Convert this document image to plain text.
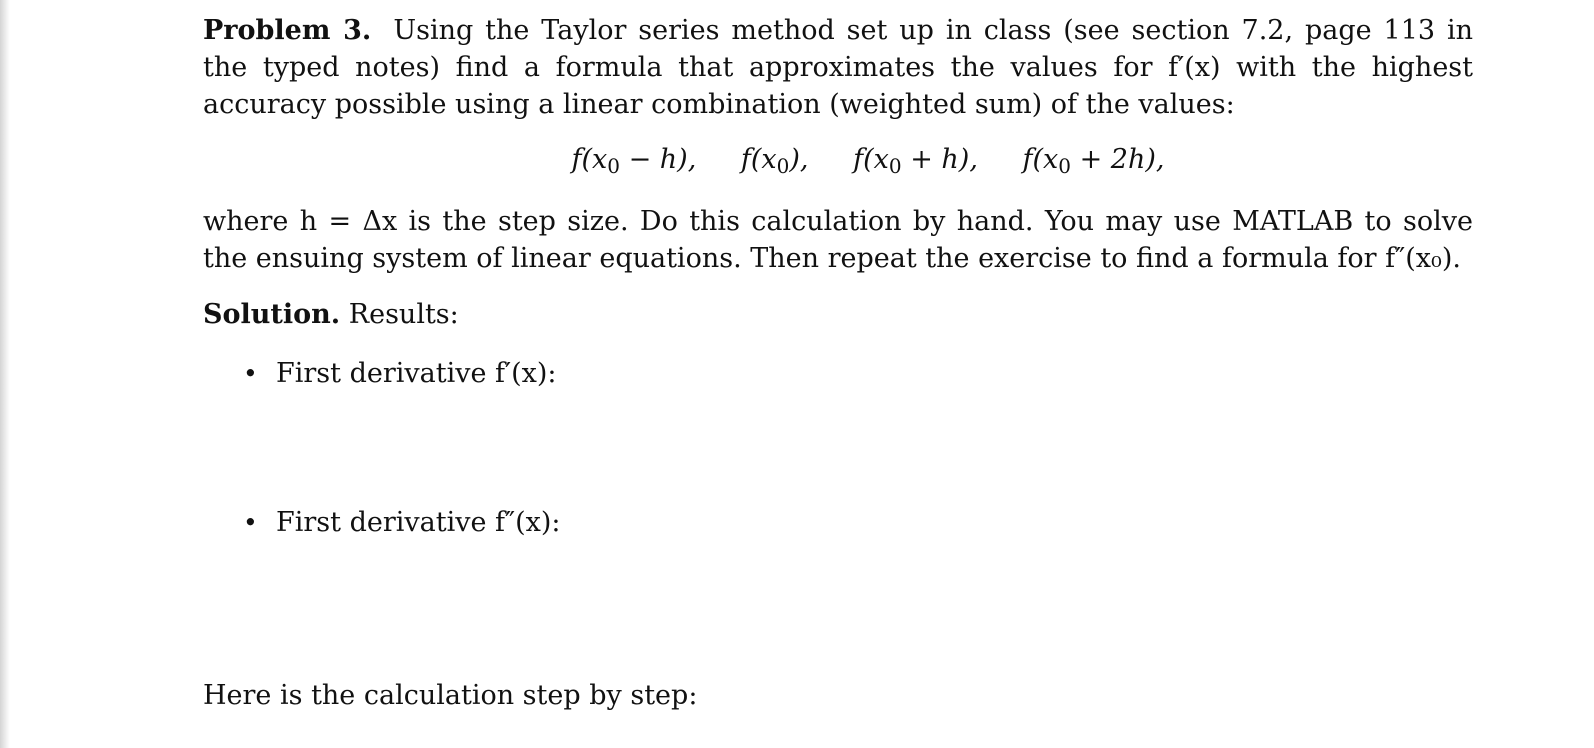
Problem 3. Using the Taylor series method set up in class (see section 7.2, page 113 in the typed notes) find a formula that approximates the values for f′(x) with the highest accuracy possible using a linear combination (weighted sum) of the values:

$f(x_0 - h)$, $f(x_0)$, $f(x_0 + h)$, $f(x_0 + 2h)$,

where h = Δx is the step size. Do this calculation by hand. You may use MATLAB to solve the ensuing system of linear equations. Then repeat the exercise to find a formula for f″(x₀).

Solution. Results:

• First derivative f′(x):
• First derivative f″(x):

Here is the calculation step by step:
